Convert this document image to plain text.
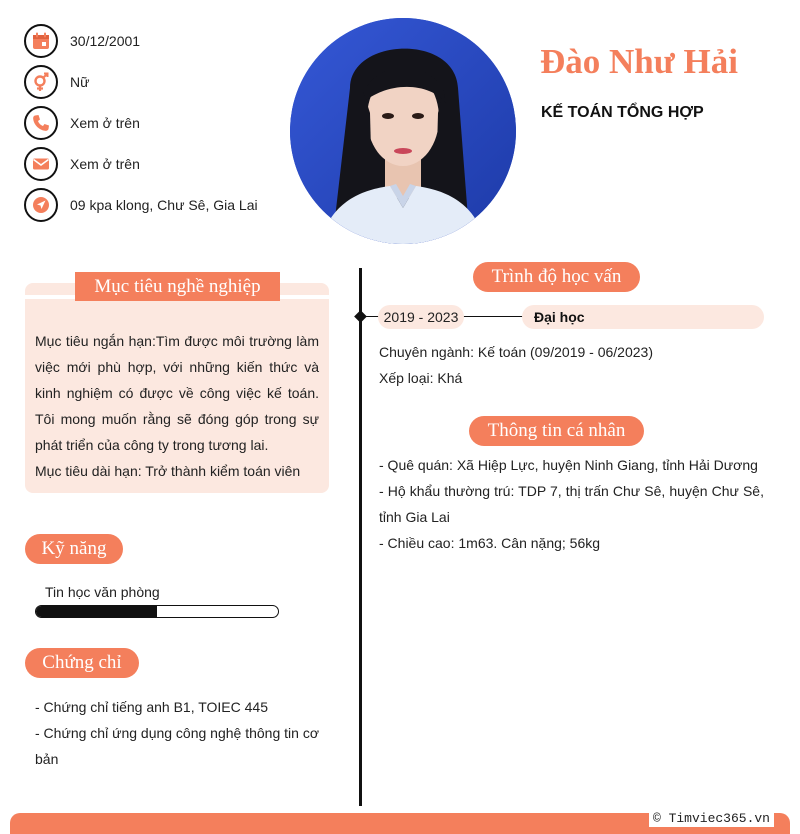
30/12/2001
Nữ
Xem ở trên
Xem ở trên
09 kpa klong, Chư Sê, Gia Lai
Đào Như Hải
KẾ TOÁN TỔNG HỢP
Mục tiêu nghề nghiệp

Mục tiêu ngắn hạn:Tìm được môi trường làm việc mới phù hợp, với những kiến thức và kinh nghiệm có được về công việc kế toán. Tôi mong muốn rằng sẽ đóng góp trong sự phát triển của công ty trong tương lai.

Mục tiêu dài hạn: Trở thành kiểm toán viên

Kỹ năng
Tin học văn phòng
Chứng chỉ
- Chứng chỉ tiếng anh B1, TOIEC 445
- Chứng chỉ ứng dụng công nghệ thông tin cơ bản
Trình độ học vấn
Đại học
2019 - 2023
Chuyên ngành: Kế toán (09/2019 - 06/2023)
Xếp loại: Khá
Thông tin cá nhân
- Quê quán: Xã Hiệp Lực, huyện Ninh Giang, tỉnh Hải Dương
- Hộ khẩu thường trú: TDP 7, thị trấn Chư Sê, huyện Chư Sê, tỉnh Gia Lai
- Chiều cao: 1m63. Cân nặng; 56kg
© Timviec365.vn
